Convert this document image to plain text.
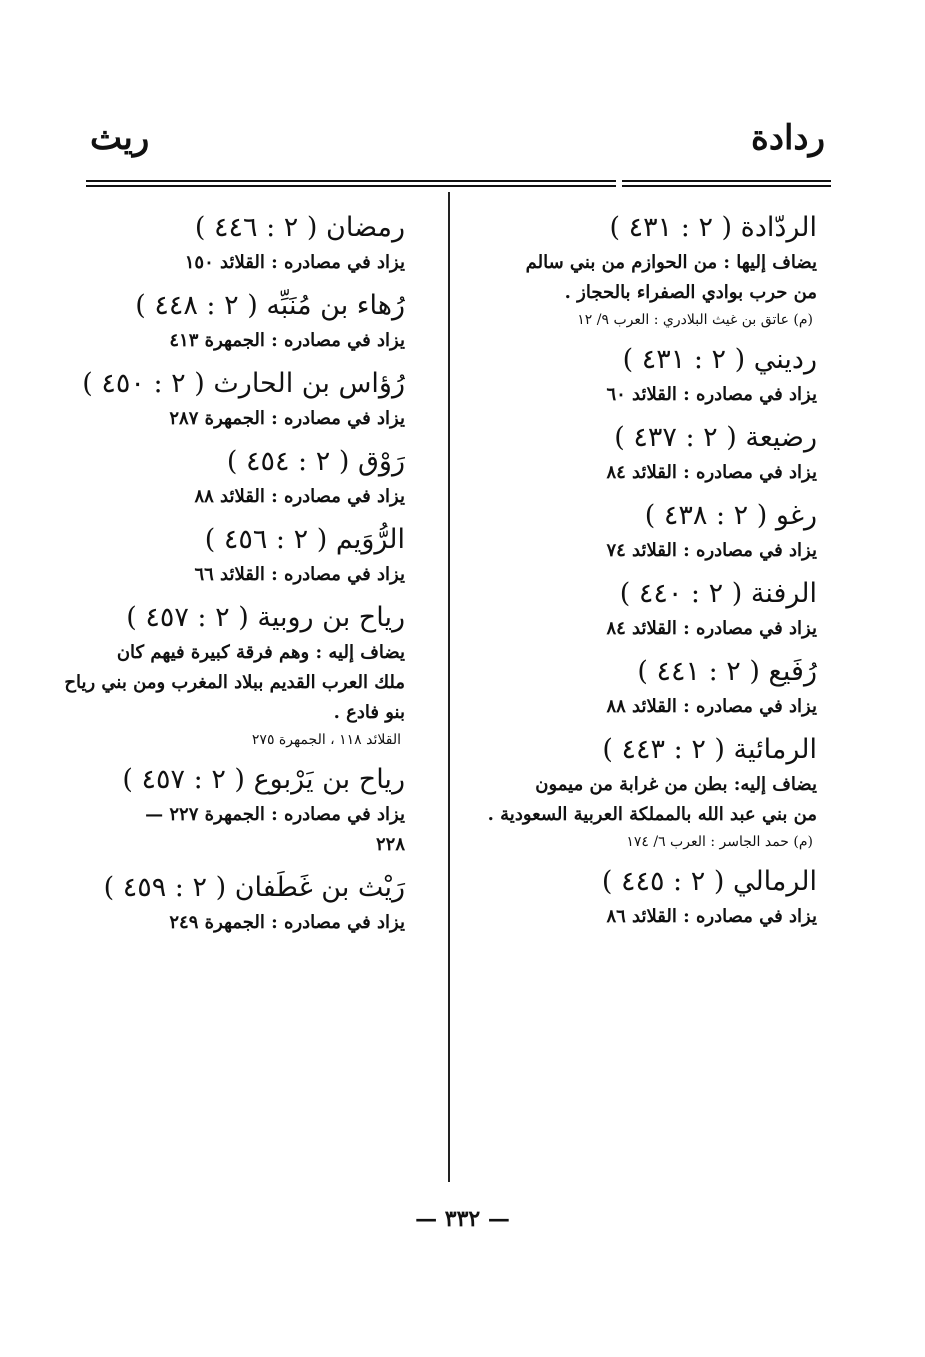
ردادة
ريث
الردّادة ( ٢ : ٤٣١ )
يضاف إليها : من الحوازم من بني سالم
من حرب بوادي الصفراء بالحجاز .
(م) عاتق بن غيث البلادري : العرب ٩/ ١٢
رديني ( ٢ : ٤٣١ )
يزاد في مصادره : القلائد ٦٠
رضيعة ( ٢ : ٤٣٧ )
يزاد في مصادره : القلائد ٨٤
رغو ( ٢ : ٤٣٨ )
يزاد في مصادره : القلائد ٧٤
الرفنة ( ٢ : ٤٤٠ )
يزاد في مصادره : القلائد ٨٤
رُفَيع ( ٢ : ٤٤١ )
يزاد في مصادره : القلائد ٨٨
الرمائية ( ٢ : ٤٤٣ )
يضاف إليه: بطن من غرابة من ميمون
من بني عبد الله بالمملكة العربية السعودية .
(م) حمد الجاسر : العرب ٦/ ١٧٤
الرمالي ( ٢ : ٤٤٥ )
يزاد في مصادره : القلائد ٨٦
رمضان ( ٢ : ٤٤٦ )
يزاد في مصادره : القلائد ١٥٠
رُهاء بن مُنَبِّه ( ٢ : ٤٤٨ )
يزاد في مصادره : الجمهرة ٤١٣
رُؤاس بن الحارث ( ٢ : ٤٥٠ )
يزاد في مصادره : الجمهرة ٢٨٧
رَوْق ( ٢ : ٤٥٤ )
يزاد في مصادره : القلائد ٨٨
الرُّوَيم ( ٢ : ٤٥٦ )
يزاد في مصادره : القلائد ٦٦
رياح بن روبية ( ٢ : ٤٥٧ )
يضاف إليه : وهم فرقة كبيرة فيهم كان
ملك العرب القديم ببلاد المغرب ومن بني رياح
بنو فادع .
القلائد ١١٨ ، الجمهرة ٢٧٥
رياح بن يَرْبوع ( ٢ : ٤٥٧ )
يزاد في مصادره : الجمهرة ٢٢٧ —
٢٢٨
رَيْث بن غَطَفان ( ٢ : ٤٥٩ )
يزاد في مصادره : الجمهرة ٢٤٩
— ٣٣٢ —
